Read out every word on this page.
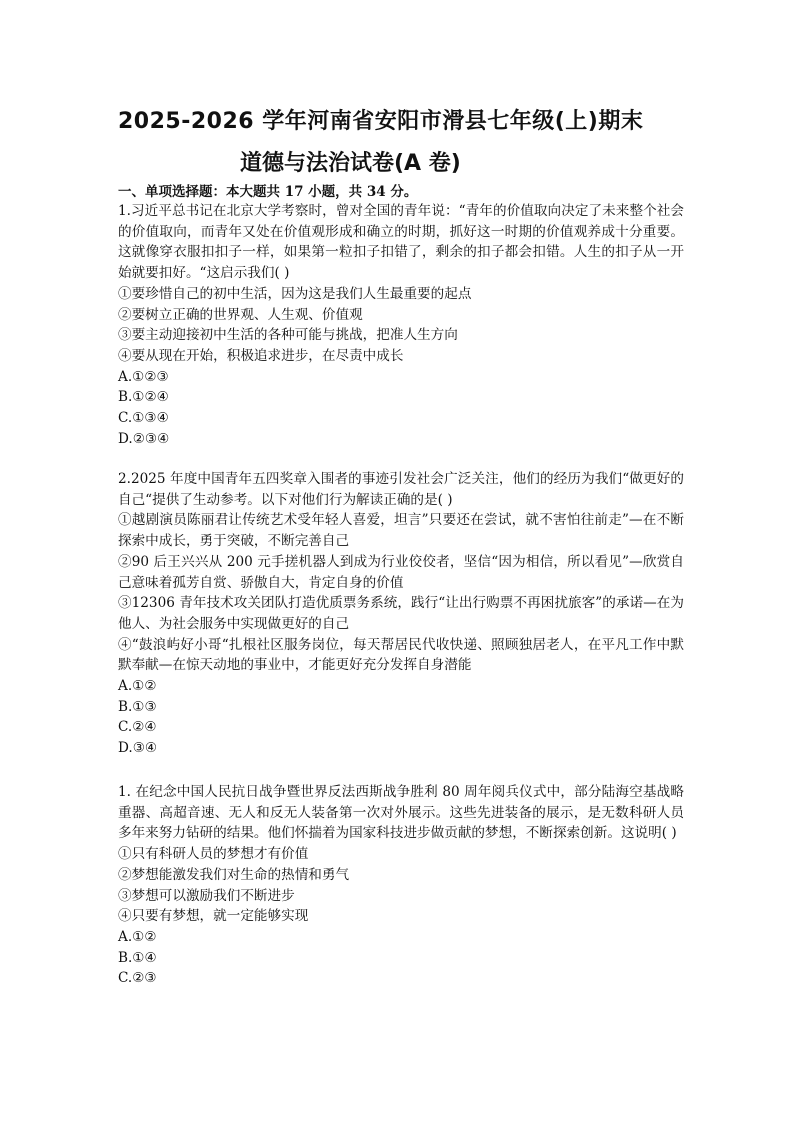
2025-2026 学年河南省安阳市滑县七年级(上)期末
道德与法治试卷(A 卷)
一、单项选择题：本大题共 17 小题，共 34 分。
1.习近平总书记在北京大学考察时，曾对全国的青年说：“青年的价值取向决定了未来整个社会的价值取向，而青年又处在价值观形成和确立的时期，抓好这一时期的价值观养成十分重要。这就像穿衣服扣扣子一样，如果第一粒扣子扣错了，剩余的扣子都会扣错。人生的扣子从一开始就要扣好。“这启示我们( )
①要珍惜自己的初中生活，因为这是我们人生最重要的起点
②要树立正确的世界观、人生观、价值观
③要主动迎接初中生活的各种可能与挑战，把准人生方向
④要从现在开始，积极追求进步，在尽责中成长
A.①②③
B.①②④
C.①③④
D.②③④
2.2025 年度中国青年五四奖章入围者的事迹引发社会广泛关注，他们的经历为我们“做更好的自己“提供了生动参考。以下对他们行为解读正确的是( )
①越剧演员陈丽君让传统艺术受年轻人喜爱，坦言”只要还在尝试，就不害怕往前走”—在不断探索中成长，勇于突破，不断完善自己
②90 后王兴兴从 200 元手搓机器人到成为行业佼佼者，坚信“因为相信，所以看见”—欣赏自己意味着孤芳自赏、骄傲自大，肯定自身的价值
③12306 青年技术攻关团队打造优质票务系统，践行“让出行购票不再困扰旅客”的承诺—在为他人、为社会服务中实现做更好的自己
④“鼓浪屿好小哥“扎根社区服务岗位，每天帮居民代收快递、照顾独居老人，在平凡工作中默默奉献—在惊天动地的事业中，才能更好充分发挥自身潜能
A.①②
B.①③
C.②④
D.③④
1. 在纪念中国人民抗日战争暨世界反法西斯战争胜利 80 周年阅兵仪式中，部分陆海空基战略重器、高超音速、无人和反无人装备第一次对外展示。这些先进装备的展示，是无数科研人员多年来努力钻研的结果。他们怀揣着为国家科技进步做贡献的梦想，不断探索创新。这说明( )
①只有科研人员的梦想才有价值
②梦想能激发我们对生命的热情和勇气
③梦想可以激励我们不断进步
④只要有梦想，就一定能够实现
A.①②
B.①④
C.②③
